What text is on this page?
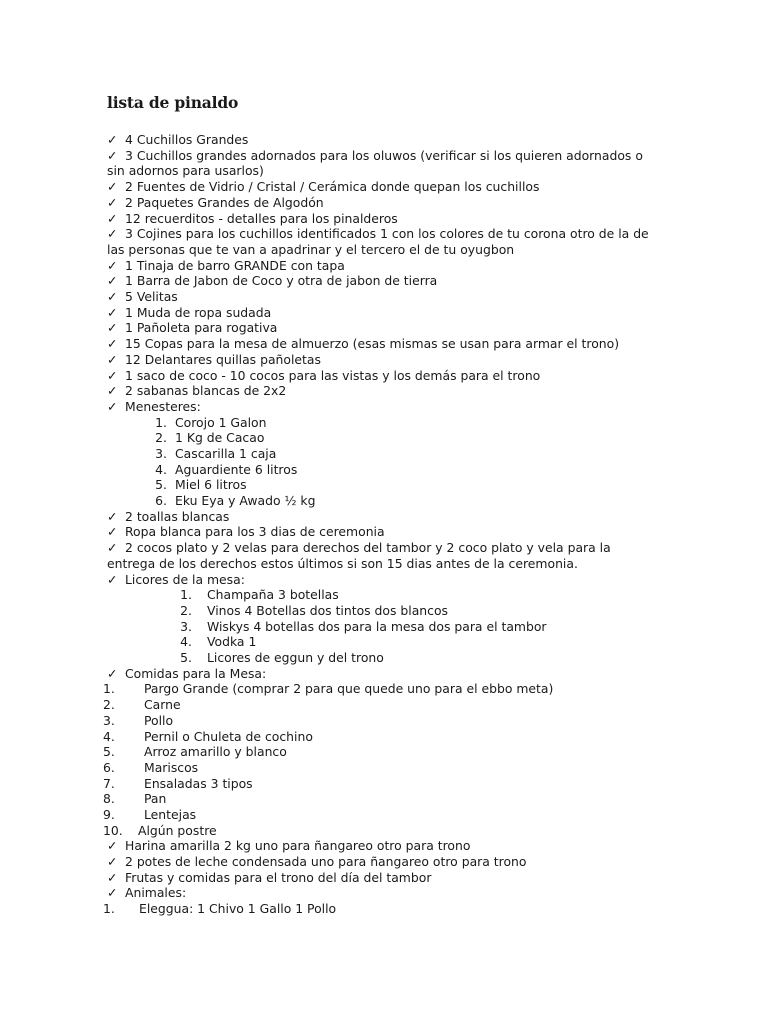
lista de pinaldo

✓ 4 Cuchillos Grandes

✓ 3 Cuchillos grandes adornados para los oluwos (verificar si los quieren adornados o sin adornos para usarlos)

✓ 2 Fuentes de Vidrio / Cristal / Cerámica donde quepan los cuchillos

✓ 2 Paquetes Grandes de Algodón

✓ 12 recuerditos - detalles para los pinalderos

✓ 3 Cojines para los cuchillos identificados 1 con los colores de tu corona otro de la de las personas que te van a apadrinar y el tercero el de tu oyugbon

✓ 1 Tinaja de barro GRANDE con tapa

✓ 1 Barra de Jabon de Coco y otra de jabon de tierra

✓ 5 Velitas

✓ 1 Muda de ropa sudada

✓ 1 Pañoleta para rogativa

✓ 15 Copas para la mesa de almuerzo (esas mismas se usan para armar el trono)

✓ 12 Delantares quillas pañoletas

✓ 1 saco de coco - 10 cocos para las vistas y los demás para el trono

✓ 2 sabanas blancas de 2x2

✓ Menesteres:

1. Corojo 1 Galon
2. 1 Kg de Cacao
3. Cascarilla 1 caja
4. Aguardiente 6 litros
5. Miel 6 litros
6. Eku Eya y Awado ½ kg

✓ 2 toallas blancas

✓ Ropa blanca para los 3 dias de ceremonia

✓ 2 cocos plato y 2 velas para derechos del tambor y 2 coco plato y vela para la entrega de los derechos estos últimos si son 15 dias antes de la ceremonia.

✓ Licores de la mesa:

1. Champaña 3 botellas
2. Vinos 4 Botellas dos tintos dos blancos
3. Wiskys 4 botellas dos para la mesa dos para el tambor
4. Vodka 1
5. Licores de eggun y del trono

✓ Comidas para la Mesa:

1. Pargo Grande (comprar 2 para que quede uno para el ebbo meta)
2. Carne
3. Pollo
4. Pernil o Chuleta de cochino
5. Arroz amarillo y blanco
6. Mariscos
7. Ensaladas 3 tipos
8. Pan
9. Lentejas
10. Algún postre

✓ Harina amarilla 2 kg uno para ñangareo otro para trono

✓ 2 potes de leche condensada uno para ñangareo otro para trono

✓ Frutas y comidas para el trono del día del tambor

✓ Animales:

1. Eleggua: 1 Chivo 1 Gallo 1 Pollo
